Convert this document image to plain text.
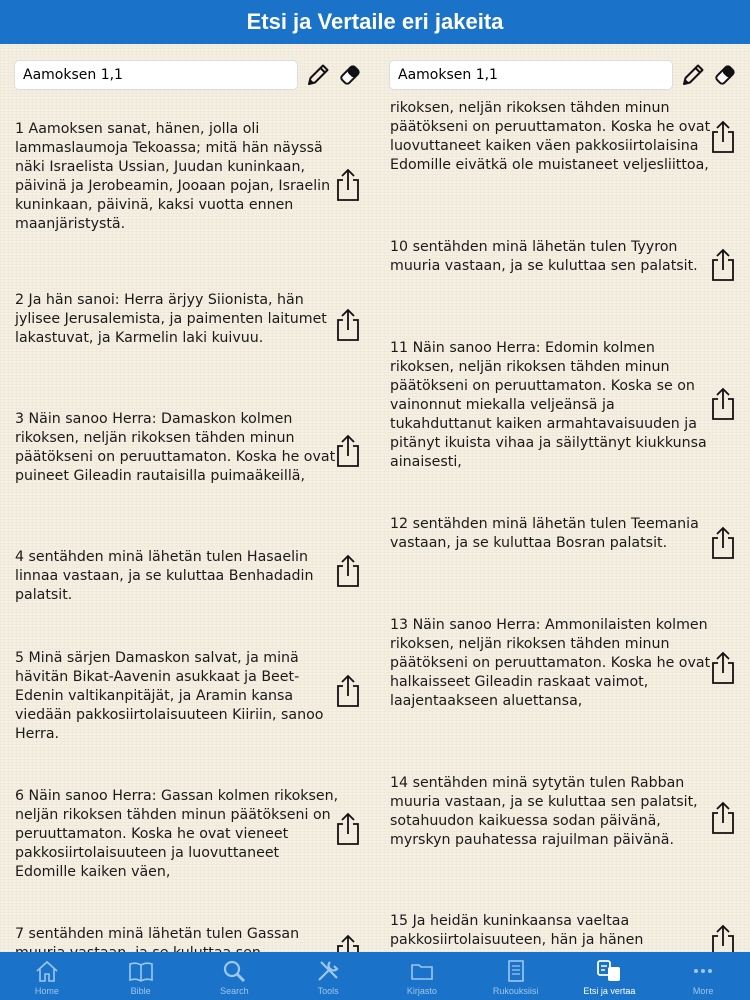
Etsi ja Vertaile eri jakeita
Aamoksen 1,1
1 Aamoksen sanat, hänen, jolla oli lammaslaumoja Tekoassa; mitä hän näyssä näki Israelista Ussian, Juudan kuninkaan, päivinä ja Jerobeamin, Jooaan pojan, Israelin kuninkaan, päivinä, kaksi vuotta ennen maanjäristystä.
2 Ja hän sanoi: Herra ärjyy Siionista, hän jylisee Jerusalemista, ja paimenten laitumet lakastuvat, ja Karmelin laki kuivuu.
3 Näin sanoo Herra: Damaskon kolmen rikoksen, neljän rikoksen tähden minun päätökseni on peruuttamaton. Koska he ovat puineet Gileadin rautaisilla puimaäkeillä,
4 sentähden minä lähetän tulen Hasaelin linnaa vastaan, ja se kuluttaa Benhadadin palatsit.
5 Minä särjen Damaskon salvat, ja minä hävitän Bikat-Aavenin asukkaat ja Beet-Edenin valtikanpitäjät, ja Aramin kansa viedään pakkosiirtolaisuuteen Kiiriin, sanoo Herra.
6 Näin sanoo Herra: Gassan kolmen rikoksen, neljän rikoksen tähden minun päätökseni on peruuttamaton. Koska he ovat vieneet pakkosiirtolaisuuteen ja luovuttaneet Edomille kaiken väen,
7 sentähden minä lähetän tulen Gassan
Aamoksen 1,1
rikoksen, neljän rikoksen tähden minun päätökseni on peruuttamaton. Koska he ovat luovuttaneet kaiken väen pakkosiirtolaisina Edomille eivätkä ole muistaneet veljesliittoa,
10 sentähden minä lähetän tulen Tyyron muuria vastaan, ja se kuluttaa sen palatsit.
11 Näin sanoo Herra: Edomin kolmen rikoksen, neljän rikoksen tähden minun päätökseni on peruuttamaton. Koska se on vainonnut miekalla veljeänsä ja tukahduttanut kaiken armahtavaisuuden ja pitänyt ikuista vihaa ja säilyttänyt kiukkunsa ainaisesti,
12 sentähden minä lähetän tulen Teemania vastaan, ja se kuluttaa Bosran palatsit.
13 Näin sanoo Herra: Ammonilaisten kolmen rikoksen, neljän rikoksen tähden minun päätökseni on peruuttamaton. Koska he ovat halkaisseet Gileadin raskaat vaimot, laajentaakseen aluettansa,
14 sentähden minä sytytän tulen Rabban muuria vastaan, ja se kuluttaa sen palatsit, sotahuudon kaikuessa sodan päivänä, myrskyn pauhatessa rajuilman päivänä.
15 Ja heidän kuninkaansa vaeltaa pakkosiirtolaisuuteen, hän ja hänen
Home	Bible	Search	Tools	Kirjasto	Rukouksiisi	Etsi ja vertaa	More
